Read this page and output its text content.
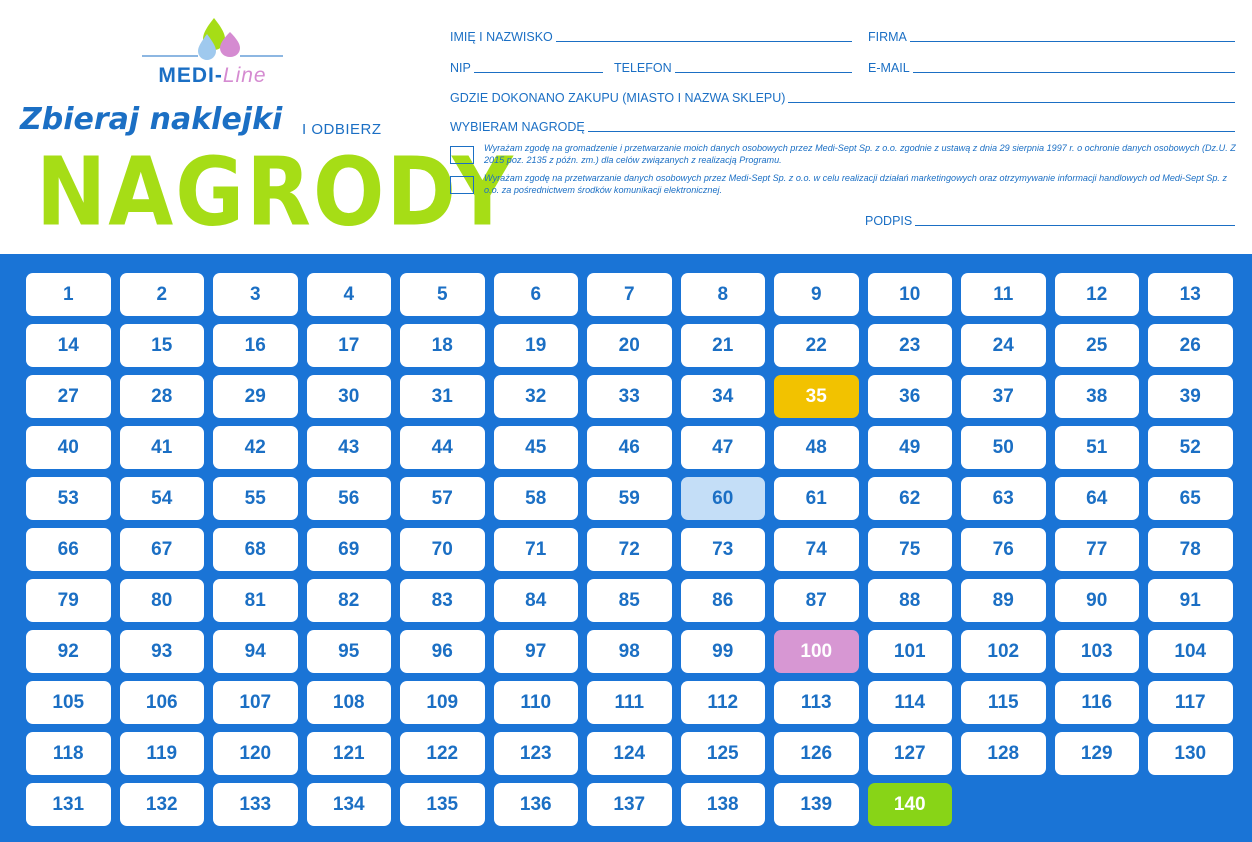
MEDI-Line
Zbieraj naklejki I ODBIERZ
NAGRODY
IMIĘ I NAZWISKO	FIRMA
NIP	TELEFON	E-MAIL
GDZIE DOKONANO ZAKUPU (MIASTO I NAZWA SKLEPU)
WYBIERAM NAGRODĘ
Wyrażam zgodę na gromadzenie i przetwarzanie moich danych osobowych przez Medi-Sept Sp. z o.o. zgodnie z ustawą z dnia 29 sierpnia 1997 r. o ochronie danych osobowych (Dz.U. Z 2015 poz. 2135 z późn. zm.) dla celów związanych z realizacją Programu.
Wyrażam zgodę na przetwarzanie danych osobowych przez Medi-Sept Sp. z o.o. w celu realizacji działań marketingowych oraz otrzymywanie informacji handlowych od Medi-Sept Sp. z o.o. za pośrednictwem środków komunikacji elektronicznej.
PODPIS
1	2	3	4	5	6	7	8	9	10	11	12	13
14	15	16	17	18	19	20	21	22	23	24	25	26
27	28	29	30	31	32	33	34	35	36	37	38	39
40	41	42	43	44	45	46	47	48	49	50	51	52
53	54	55	56	57	58	59	60	61	62	63	64	65
66	67	68	69	70	71	72	73	74	75	76	77	78
79	80	81	82	83	84	85	86	87	88	89	90	91
92	93	94	95	96	97	98	99	100	101	102	103	104
105	106	107	108	109	110	111	112	113	114	115	116	117
118	119	120	121	122	123	124	125	126	127	128	129	130
131	132	133	134	135	136	137	138	139	140
